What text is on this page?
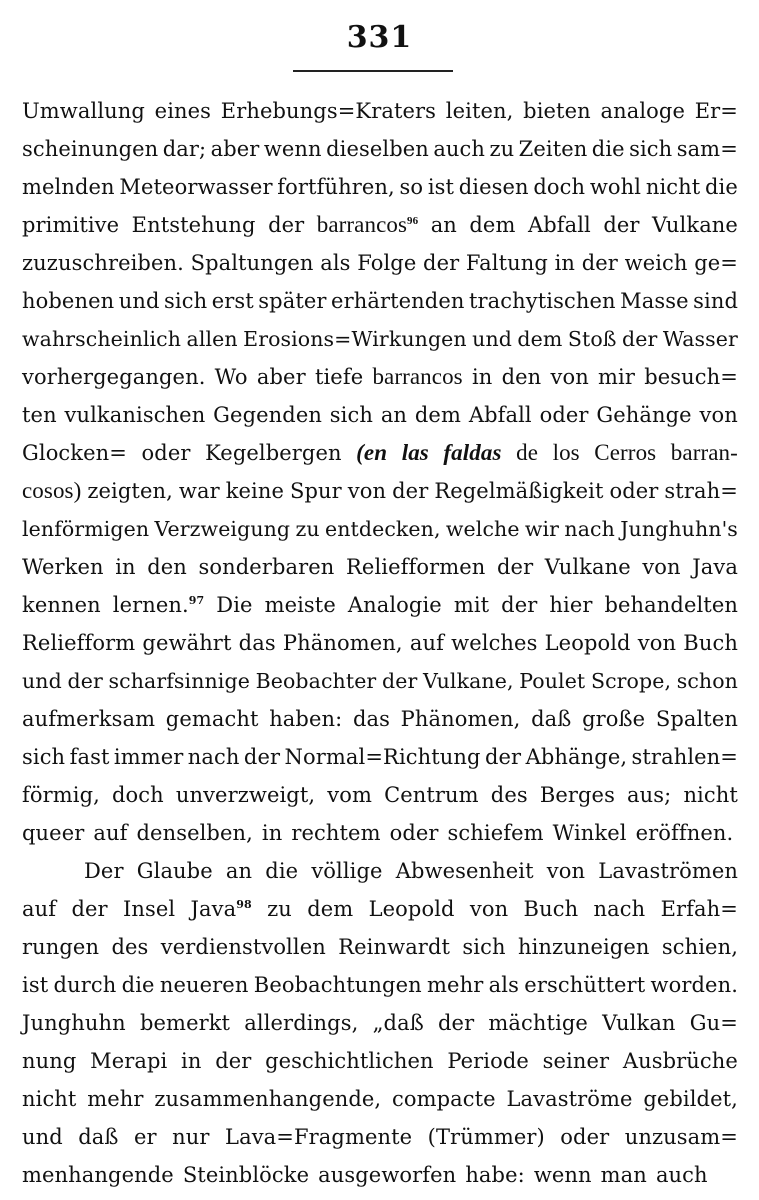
331
Umwallung eines Erhebungs=Kraters leiten, bieten analoge Er=
scheinungen dar; aber wenn dieselben auch zu Zeiten die sich sam=
melnden Meteorwasser fortführen, so ist diesen doch wohl nicht die
primitive Entstehung der barrancos$^{96}$ an dem Abfall der Vulkane
zuzuschreiben. Spaltungen als Folge der Faltung in der weich ge=
hobenen und sich erst später erhärtenden trachytischen Masse sind
wahrscheinlich allen Erosions=Wirkungen und dem Stoß der Wasser
vorhergegangen. Wo aber tiefe barrancos in den von mir besuch=
ten vulkanischen Gegenden sich an dem Abfall oder Gehänge von
Glocken= oder Kegelbergen (en las faldas de los Cerros barran-
cosos) zeigten, war keine Spur von der Regelmäßigkeit oder strah=
lenförmigen Verzweigung zu entdecken, welche wir nach Junghuhn's
Werken in den sonderbaren Reliefformen der Vulkane von Java
kennen lernen.$^{97}$ Die meiste Analogie mit der hier behandelten
Reliefform gewährt das Phänomen, auf welches Leopold von Buch
und der scharfsinnige Beobachter der Vulkane, Poulet Scrope, schon
aufmerksam gemacht haben: das Phänomen, daß große Spalten
sich fast immer nach der Normal=Richtung der Abhänge, strahlen=
förmig, doch unverzweigt, vom Centrum des Berges aus; nicht
queer auf denselben, in rechtem oder schiefem Winkel eröffnen.
Der Glaube an die völlige Abwesenheit von Lavaströmen
auf der Insel Java$^{98}$ zu dem Leopold von Buch nach Erfah=
rungen des verdienstvollen Reinwardt sich hinzuneigen schien,
ist durch die neueren Beobachtungen mehr als erschüttert worden.
Junghuhn bemerkt allerdings, „daß der mächtige Vulkan Gu=
nung Merapi in der geschichtlichen Periode seiner Ausbrüche
nicht mehr zusammenhangende, compacte Lavaströme gebildet,
und daß er nur Lava=Fragmente (Trümmer) oder unzusam=
menhangende Steinblöcke ausgeworfen habe: wenn man auch
